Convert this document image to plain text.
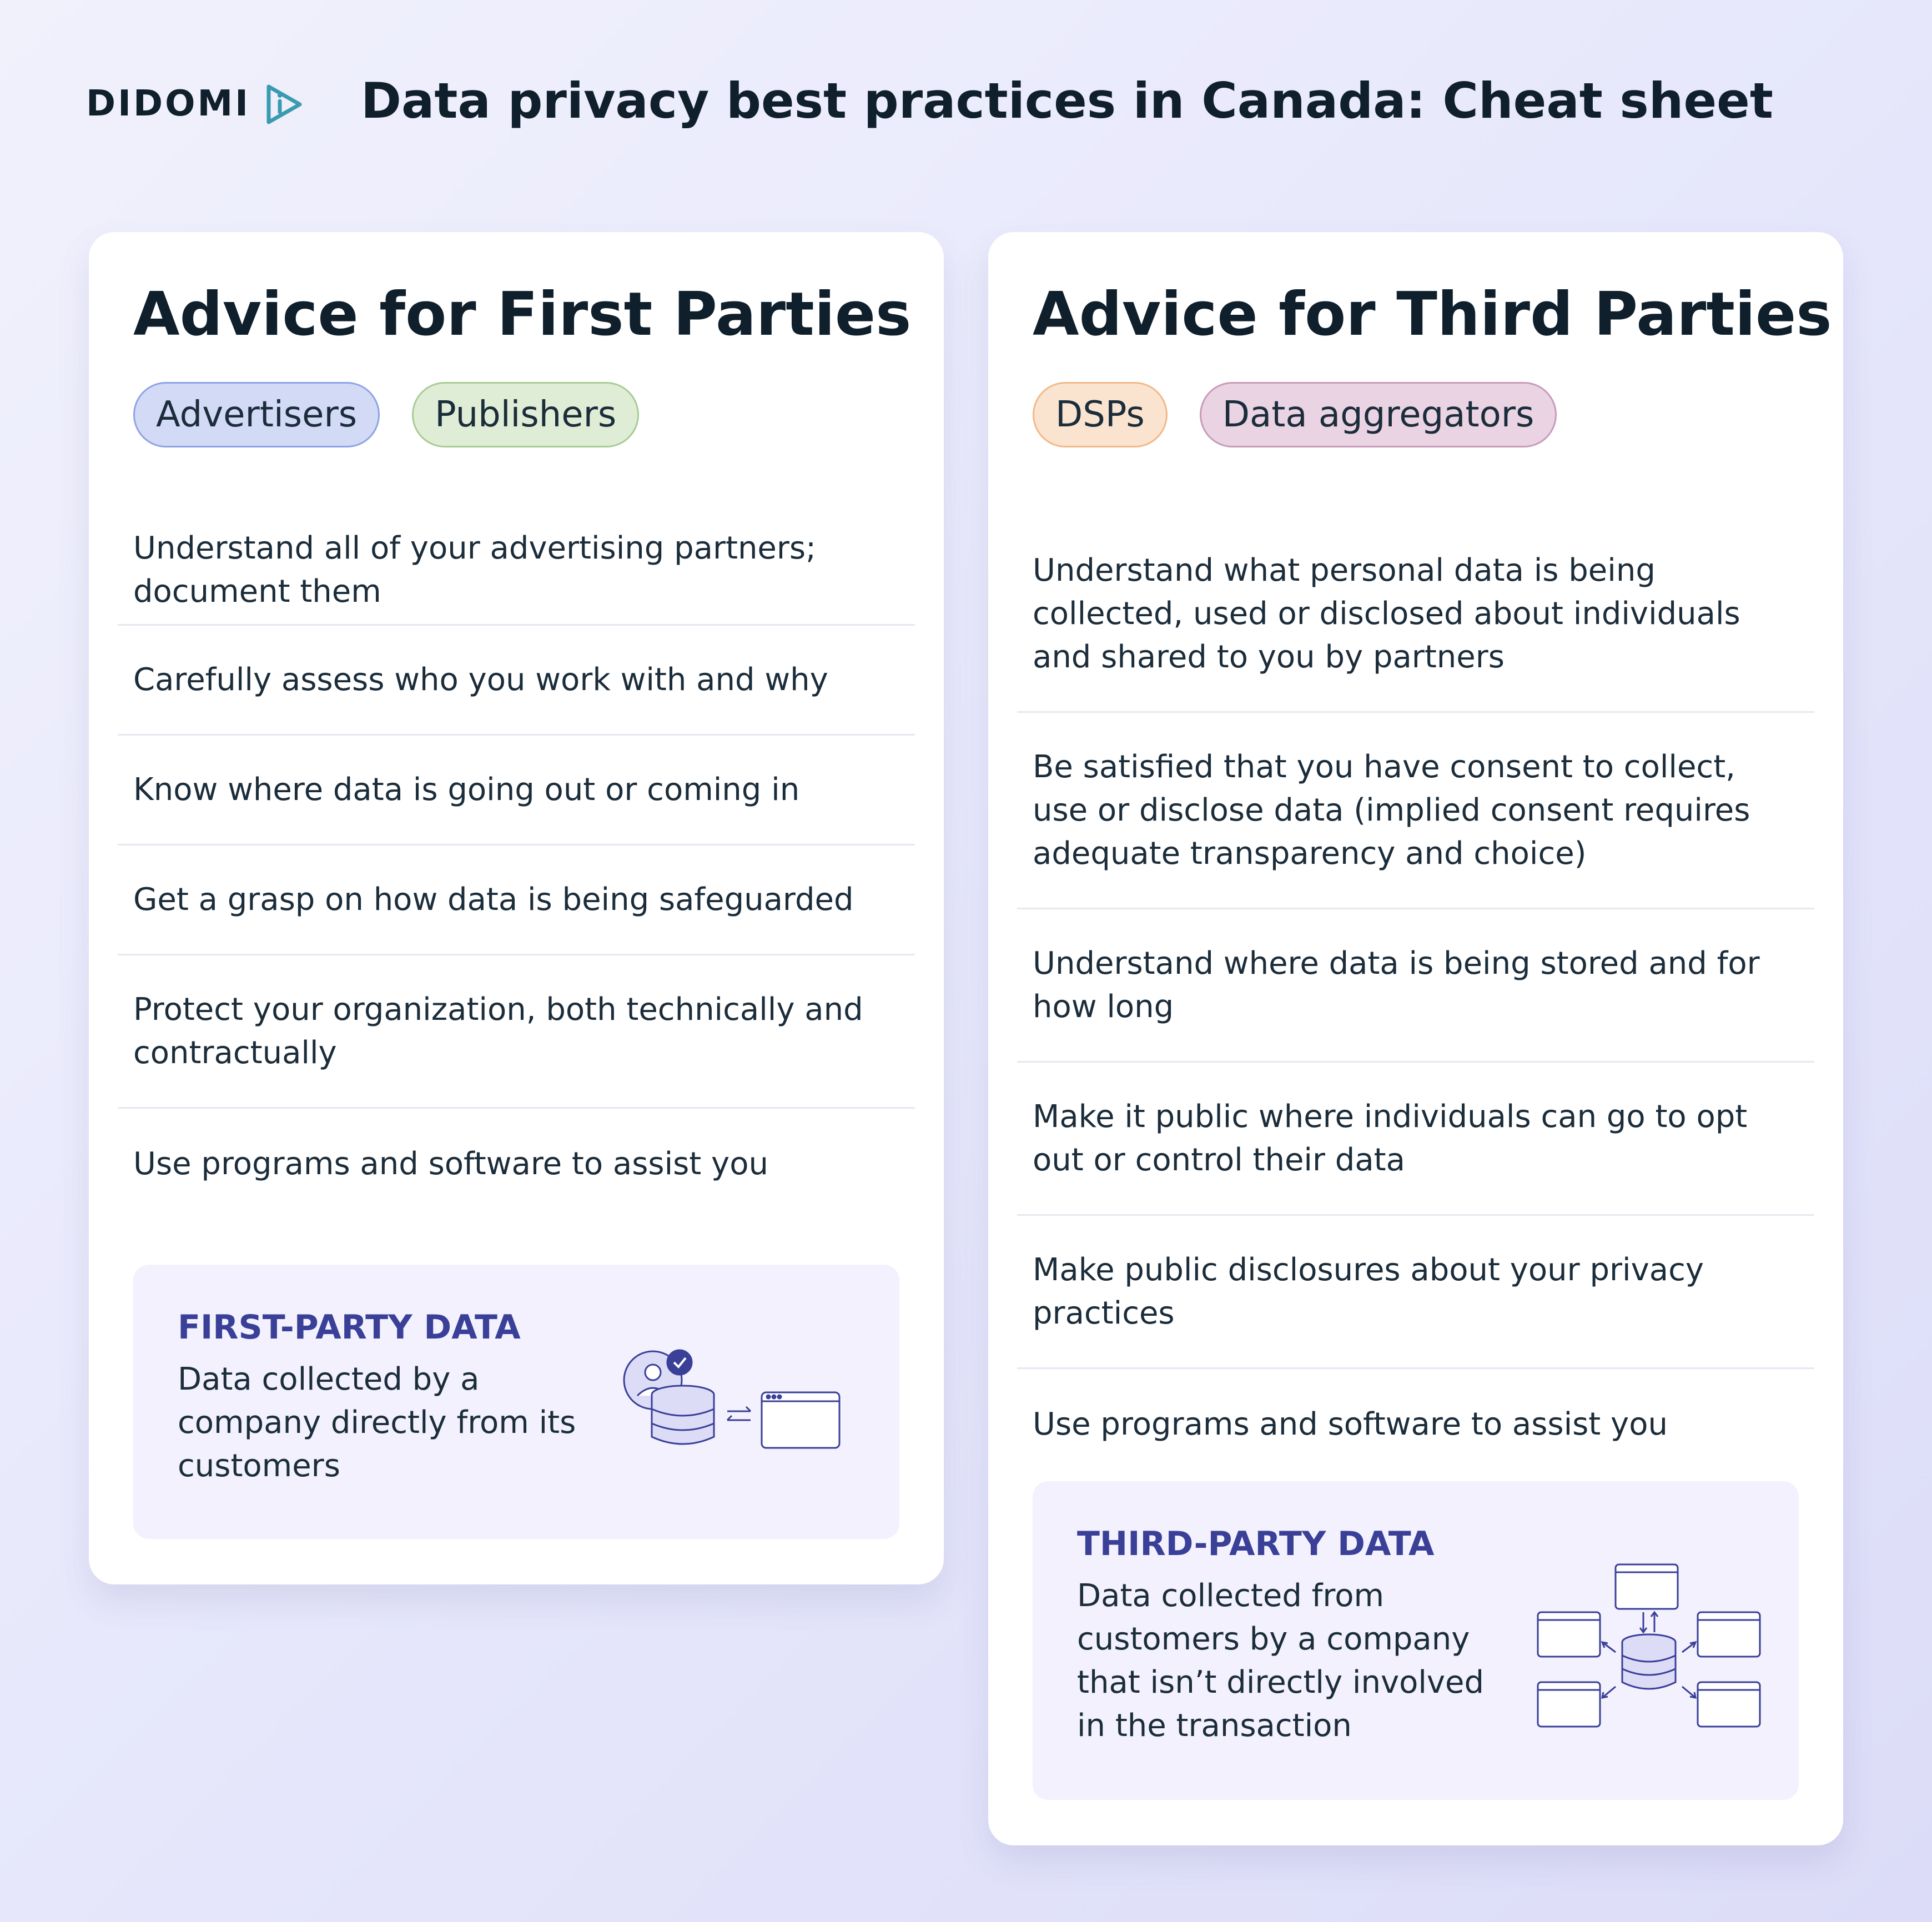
DIDOMI Data privacy best practices in Canada: Cheat sheet
Advice for First Parties
Advertisers	Publishers
Understand all of your advertising partners; document them
Carefully assess who you work with and why
Know where data is going out or coming in
Get a grasp on how data is being safeguarded
Protect your organization, both technically and contractually
Use programs and software to assist you
FIRST-PARTY DATA
Data collected by a company directly from its customers
Advice for Third Parties
DSPs	Data aggregators
Understand what personal data is being collected, used or disclosed about individuals and shared to you by partners
Be satisfied that you have consent to collect, use or disclose data (implied consent requires adequate transparency and choice)
Understand where data is being stored and for how long
Make it public where individuals can go to opt out or control their data
Make public disclosures about your privacy practices
Use programs and software to assist you
THIRD-PARTY DATA
Data collected from customers by a company that isn’t directly involved in the transaction
